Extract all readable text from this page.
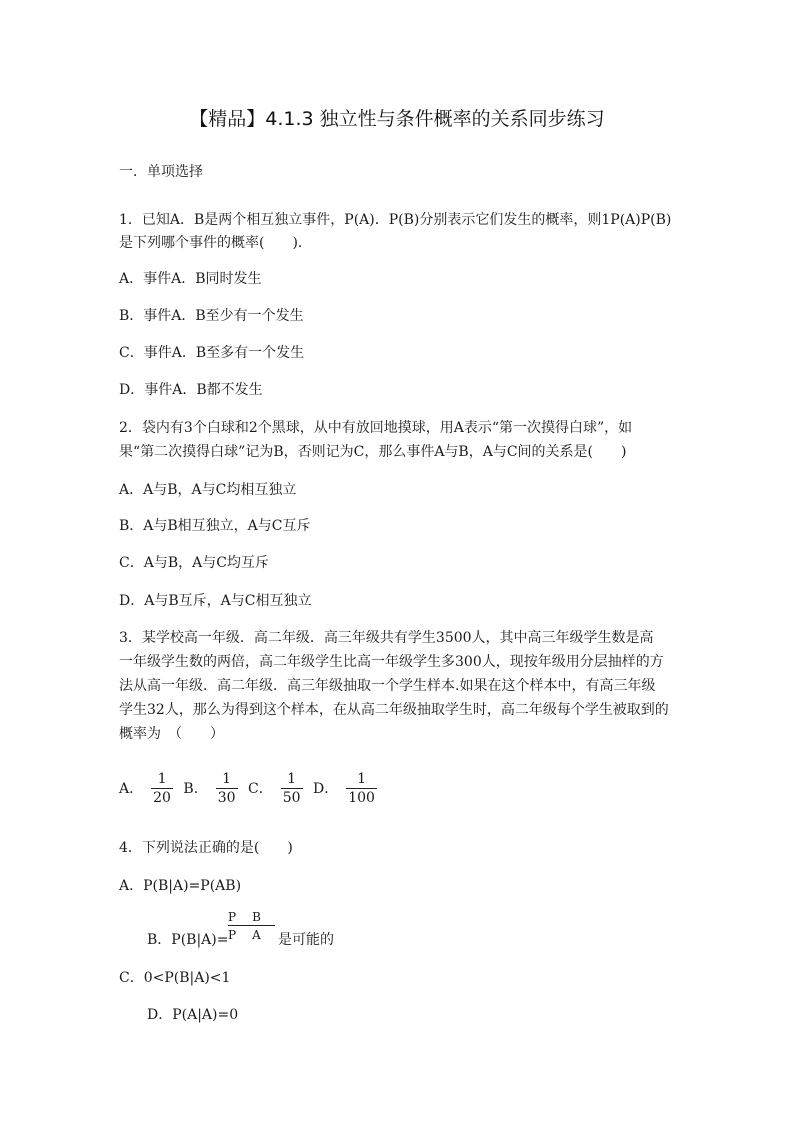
【精品】4.1.3 独立性与条件概率的关系同步练习
一．单项选择
1．已知A．B是两个相互独立事件，P(A)．P(B)分别表示它们发生的概率，则1P(A)P(B)
是下列哪个事件的概率(　　)．
A．事件A．B同时发生
B．事件A．B至少有一个发生
C．事件A．B至多有一个发生
D．事件A．B都不发生
2．袋内有3个白球和2个黑球，从中有放回地摸球，用A表示“第一次摸得白球”，如
果“第二次摸得白球”记为B，否则记为C，那么事件A与B，A与C间的关系是(　　)
A．A与B，A与C均相互独立
B．A与B相互独立，A与C互斥
C．A与B，A与C均互斥
D．A与B互斥，A与C相互独立
3．某学校高一年级．高二年级．高三年级共有学生3500人，其中高三年级学生数是高
一年级学生数的两倍，高二年级学生比高一年级学生多300人，现按年级用分层抽样的方
法从高一年级．高二年级．高三年级抽取一个学生样本.如果在这个样本中，有高三年级
学生32人，那么为得到这个样本，在从高二年级抽取学生时，高二年级每个学生被取到的
概率为　（　　）
A． $\frac{1}{20}$ B． $\frac{1}{30}$ C． $\frac{1}{50}$ D． $\frac{1}{100}$
4．下列说法正确的是(　　)
A．P(B|A)=P(AB)
P　B
P　A
B．P(B|A)=	是可能的
C．0<P(B|A)<1
D．P(A|A)=0
